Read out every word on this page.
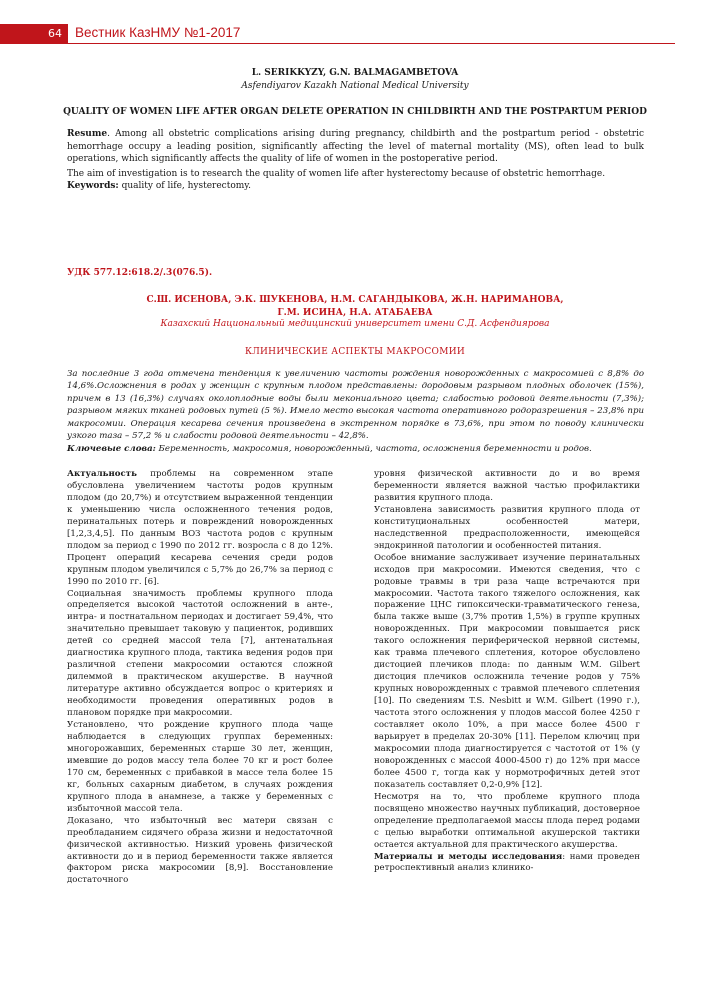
64 Вестник КазНМУ №1-2017
L. SERIKKYZY, G.N. BALMAGAMBETOVA
Asfendiyarov Kazakh National Medical University
QUALITY OF WOMEN LIFE AFTER ORGAN DELETE OPERATION IN CHILDBIRTH AND THE POSTPARTUM PERIOD
Resume. Among all obstetric complications arising during pregnancy, childbirth and the postpartum period - obstetric hemorrhage occupy a leading position, significantly affecting the level of maternal mortality (MS), often lead to bulk operations, which significantly affects the quality of life of women in the postoperative period.
The aim of investigation is to research the quality of women life after hysterectomy because of obstetric hemorrhage.
Keywords: quality of life, hysterectomy.
УДК 577.12:618.2/.3(076.5).
С.Ш. ИСЕНОВА, Э.К. ШУКЕНОВА, Н.М. САГАНДЫКОВА, Ж.Н. НАРИМАНОВА,
Г.М. ИСИНА, Н.А. АТАБАЕВА
Казахский Национальный медицинский университет имени С.Д. Асфендиярова
КЛИНИЧЕСКИЕ АСПЕКТЫ МАКРОСОМИИ
За последние 3 года отмечена тенденция к увеличению частоты рождения новорожденных с макросомией с 8,8% до 14,6%.Осложнения в родах у женщин с крупным плодом представлены: дородовым разрывом плодных оболочек (15%), причем в 13 (16,3%) случаях околоплодные воды были мекониального цвета; слабостью родовой деятельности (7,3%); разрывом мягких тканей родовых путей (5 %). Имело место высокая частота оперативного родоразрешения – 23,8% при макросомии. Операция кесарева сечения произведена в экстренном порядке в 73,6%, при этом по поводу клинически узкого таза – 57,2 % и слабости родовой деятельности – 42,8%.
Ключевые слова: Беременность, макросомия, новорожденный, частота, осложнения беременности и родов.

Актуальность проблемы на современном этапе обусловлена увеличением частоты родов крупным плодом (до 20,7%) и отсутствием выраженной тенденции к уменьшению числа осложненного течения родов, перинатальных потерь и повреждений новорожденных [1,2,3,4,5]. По данным ВОЗ частота родов с крупным плодом за период с 1990 по 2012 гг. возросла с 8 до 12%. Процент операций кесарева сечения среди родов крупным плодом увеличился с 5,7% до 26,7% за период с 1990 по 2010 гг. [6].

Социальная значимость проблемы крупного плода определяется высокой частотой осложнений в анте-, интра- и постнатальном периодах и достигает 59,4%, что значительно превышает таковую у пациенток, родивших детей со средней массой тела [7], антенатальная диагностика крупного плода, тактика ведения родов при различной степени макросомии остаются сложной дилеммой в практическом акушерстве. В научной литературе активно обсуждается вопрос о критериях и необходимости проведения оперативных родов в плановом порядке при макросомии.

Установлено, что рождение крупного плода чаще наблюдается в следующих группах беременных: многорожавших, беременных старше 30 лет, женщин, имевшие до родов массу тела более 70 кг и рост более 170 см, беременных с прибавкой в массе тела более 15 кг, больных сахарным диабетом, в случаях рождения крупного плода в анамнезе, а также у беременных с избыточной массой тела.

Доказано, что избыточный вес матери связан с преобладанием сидячего образа жизни и недостаточной физической активностью. Низкий уровень физической активности до и в период беременности также является фактором риска макросомии [8,9]. Восстановление достаточного

уровня физической активности до и во время беременности является важной частью профилактики развития крупного плода.

Установлена зависимость развития крупного плода от конституциональных особенностей матери, наследственной предрасположенности, имеющейся эндокринной патологии и особенностей питания.

Особое внимание заслуживает изучение перинатальных исходов при макросомии. Имеются сведения, что с родовые травмы в три раза чаще встречаются при макросомии. Частота такого тяжелого осложнения, как поражение ЦНС гипоксически-травматического генеза, была также выше (3,7% против 1,5%) в группе крупных новорожденных. При макросомии повышается риск такого осложнения периферической нервной системы, как травма плечевого сплетения, которое обусловлено дистоцией плечиков плода: по данным W.M. Gilbert дистоция плечиков осложнила течение родов у 75% крупных новорожденных с травмой плечевого сплетения [10]. По сведениям T.S. Nesbitt и W.M. Gilbert (1990 г.), частота этого осложнения у плодов массой более 4250 г составляет около 10%, а при массе более 4500 г варьирует в пределах 20-30% [11]. Перелом ключиц при макросомии плода диагностируется с частотой от 1% (у новорожденных с массой 4000-4500 г) до 12% при массе более 4500 г, тогда как у нормотрофичных детей этот показатель составляет 0,2-0,9% [12].

Несмотря на то, что проблеме крупного плода посвящено множество научных публикаций, достоверное определение предполагаемой массы плода перед родами с целью выработки оптимальной акушерской тактики остается актуальной для практического акушерства.

Материалы и методы исследования: нами проведен ретроспективный анализ клинико-
